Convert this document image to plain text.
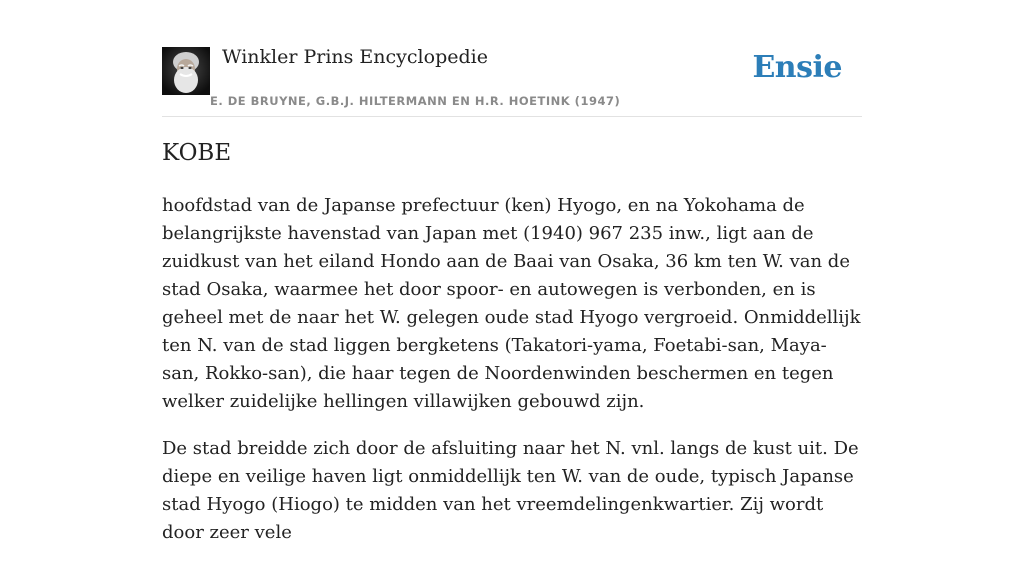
Winkler Prins Encyclopedie
E. DE BRUYNE, G.B.J. HILTERMANN EN H.R. HOETINK (1947)
Ensie
KOBE

hoofdstad van de Japanse prefectuur (ken) Hyogo, en na Yokohama de belangrijkste havenstad van Japan met (1940) 967 235 inw., ligt aan de zuidkust van het eiland Hondo aan de Baai van Osaka, 36 km ten W. van de stad Osaka, waarmee het door spoor- en autowegen is verbonden, en is geheel met de naar het W. gelegen oude stad Hyogo vergroeid. Onmiddellijk ten N. van de stad liggen bergketens (Takatori-yama, Foetabi-san, Maya-san, Rokko-san), die haar tegen de Noordenwinden beschermen en tegen welker zuidelijke hellingen villawijken gebouwd zijn.

De stad breidde zich door de afsluiting naar het N. vnl. langs de kust uit. De diepe en veilige haven ligt onmiddellijk ten W. van de oude, typisch Japanse stad Hyogo (Hiogo) te midden van het vreemdelingenkwartier. Zij wordt door zeer vele
